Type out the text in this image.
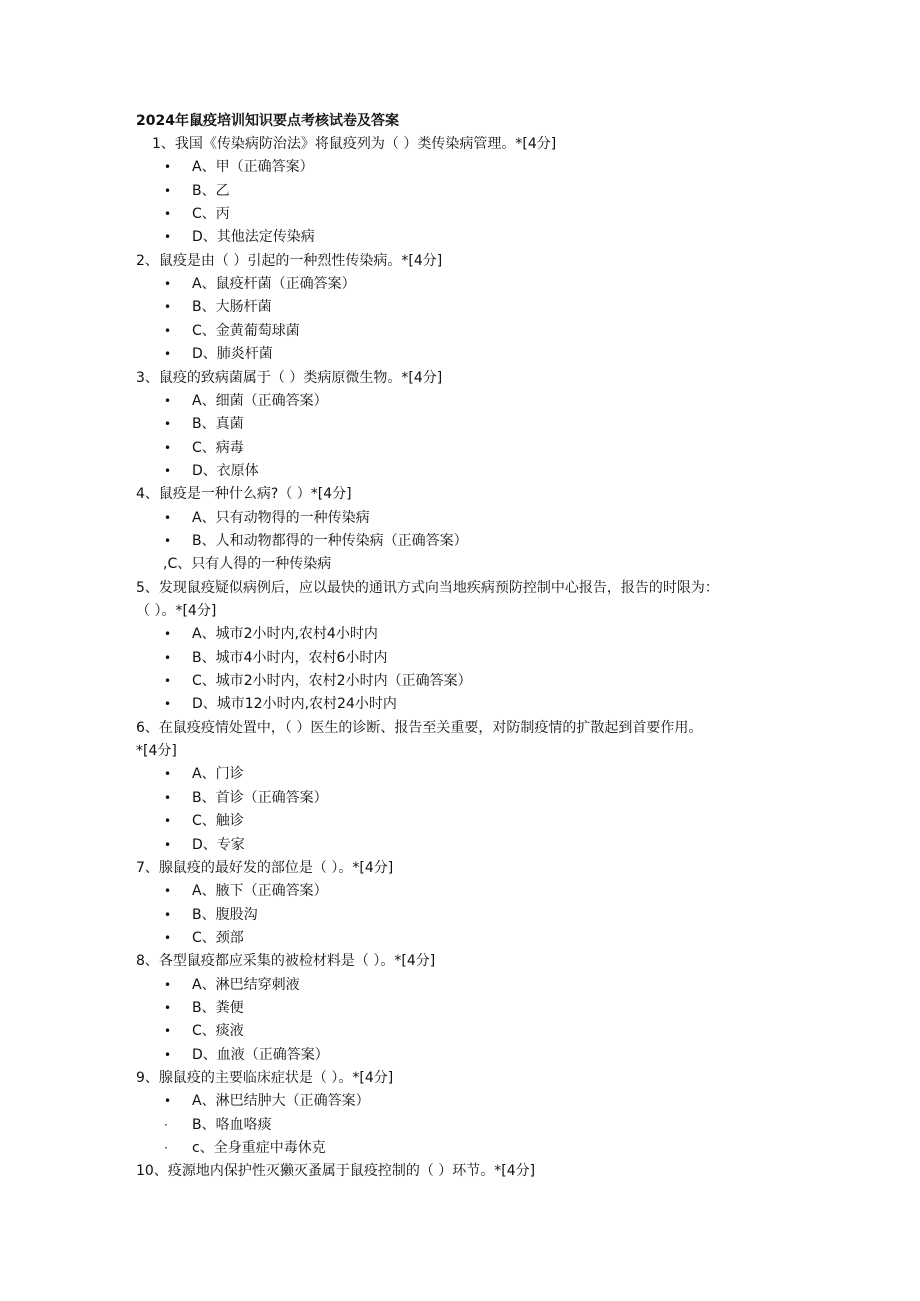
2024年鼠疫培训知识要点考核试卷及答案
1、我国《传染病防治法》将鼠疫列为（ ）类传染病管理。*[4分]
• A、甲（正确答案）
• B、乙
• C、丙
• D、其他法定传染病
2、鼠疫是由（ ）引起的一种烈性传染病。*[4分]
• A、鼠疫杆菌（正确答案）
• B、大肠杆菌
• C、金黄葡萄球菌
• D、肺炎杆菌
3、鼠疫的致病菌属于（ ）类病原微生物。*[4分]
• A、细菌（正确答案）
• B、真菌
• C、病毒
• D、衣原体
4、鼠疫是一种什么病?（ ）*[4分]
• A、只有动物得的一种传染病
• B、人和动物都得的一种传染病（正确答案）
,C、只有人得的一种传染病
5、发现鼠疫疑似病例后，应以最快的通讯方式向当地疾病预防控制中心报告，报告的时限为：
（ ）。*[4分]
• A、城市2小时内,农村4小时内
• B、城市4小时内，农村6小时内
• C、城市2小时内，农村2小时内（正确答案）
• D、城市12小时内,农村24小时内
6、在鼠疫疫情处置中，（ ）医生的诊断、报告至关重要，对防制疫情的扩散起到首要作用。
*[4分]
• A、门诊
• B、首诊（正确答案）
• C、触诊
• D、专家
7、腺鼠疫的最好发的部位是（ ）。*[4分]
• A、腋下（正确答案）
• B、腹股沟
• C、颈部
8、各型鼠疫都应采集的被检材料是（ ）。*[4分]
• A、淋巴结穿刺液
• B、粪便
• C、痰液
• D、血液（正确答案）
9、腺鼠疫的主要临床症状是（ ）。*[4分]
• A、淋巴结肿大（正确答案）
· B、咯血咯痰
· c、全身重症中毒休克
10、疫源地内保护性灭獭灭蚤属于鼠疫控制的（ ）环节。*[4分]
